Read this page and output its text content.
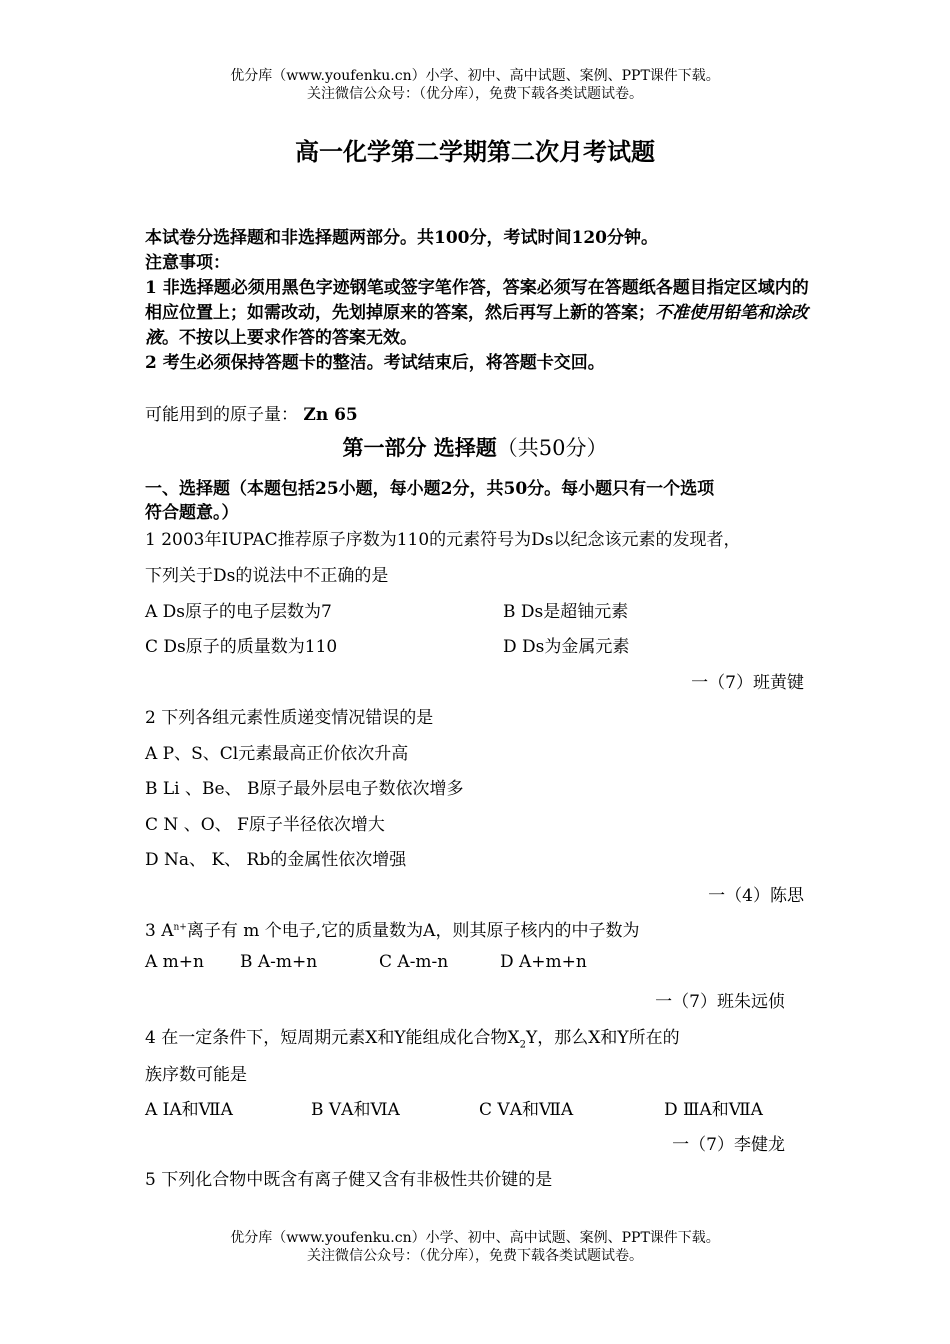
优分库（www.youfenku.cn）小学、初中、高中试题、案例、PPT课件下载。
关注微信公众号：（优分库），免费下载各类试题试卷。
高一化学第二学期第二次月考试题

本试卷分选择题和非选择题两部分。共100分，考试时间120分钟。

注意事项：

1 非选择题必须用黑色字迹钢笔或签字笔作答，答案必须写在答题纸各题目指定区域内的相应位置上；如需改动，先划掉原来的答案，然后再写上新的答案；不准使用铅笔和涂改液。不按以上要求作答的答案无效。

2 考生必须保持答题卡的整洁。考试结束后，将答题卡交回。

可能用到的原子量： Zn 65
第一部分 选择题（共50分）
一、选择题（本题包括25小题，每小题2分，共50分。每小题只有一个选项
符合题意。）
1 2003年IUPAC推荐原子序数为110的元素符号为Ds以纪念该元素的发现者，
下列关于Ds的说法中不正确的是
A Ds原子的电子层数为7	B Ds是超铀元素
C Ds原子的质量数为110	D Ds为金属元素
一（7）班黄键
2 下列各组元素性质递变情况错误的是
A P、S、Cl元素最高正价依次升高
B Li 、Be、 B原子最外层电子数依次增多
C N 、O、 F原子半径依次增大
D Na、 K、 Rb的金属性依次增强
一（4）陈思
3 $A^{n+}$离子有 m 个电子,它的质量数为A，则其原子核内的中子数为
A m+n B A-m+n	C A-m-n	D A+m+n
一（7）班朱远侦
4 在一定条件下，短周期元素X和Y能组成化合物$X_2Y$，那么X和Y所在的
族序数可能是
A ⅠA和ⅦA	B ⅤA和ⅥA	C ⅤA和ⅦA	D ⅢA和ⅦA
一（7）李健龙
5 下列化合物中既含有离子健又含有非极性共价键的是
优分库（www.youfenku.cn）小学、初中、高中试题、案例、PPT课件下载。
关注微信公众号：（优分库），免费下载各类试题试卷。
